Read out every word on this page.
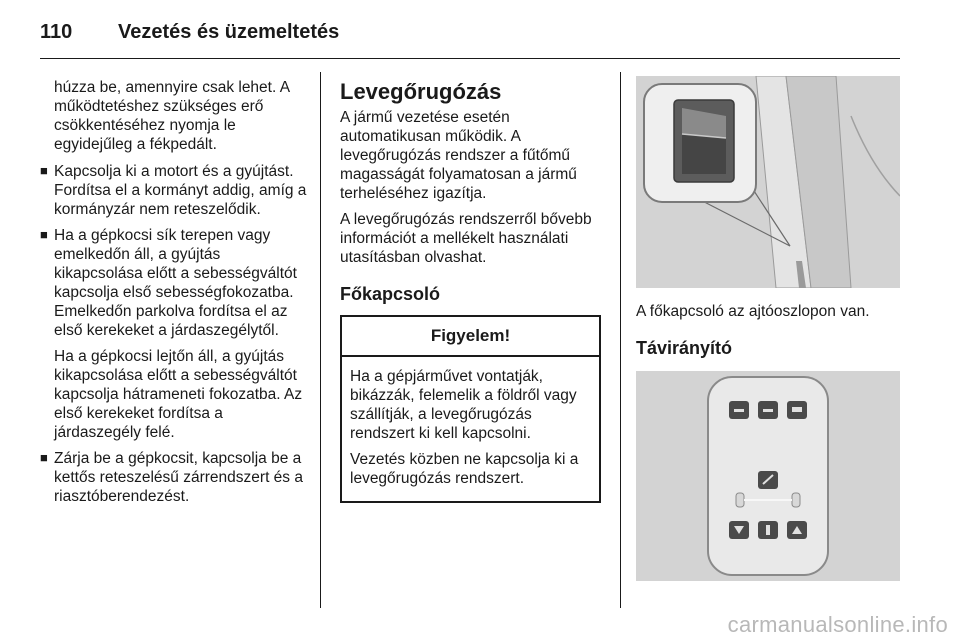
110 Vezetés és üzemeltetés

húzza be, amennyire csak lehet. A működtetéshez szükséges erő csökkentéséhez nyomja le egyidejűleg a fékpedált.

■ Kapcsolja ki a motort és a gyújtást. Fordítsa el a kormányt addig, amíg a kormányzár nem reteszelődik.

■ Ha a gépkocsi sík terepen vagy emelkedőn áll, a gyújtás kikapcsolása előtt a sebességváltót kapcsolja első sebességfokozatba. Emelkedőn parkolva fordítsa el az első kerekeket a járdaszegélytől.

Ha a gépkocsi lejtőn áll, a gyújtás kikapcsolása előtt a sebességváltót kapcsolja hátrameneti fokozatba. Az első kerekeket fordítsa a járdaszegély felé.

■ Zárja be a gépkocsit, kapcsolja be a kettős reteszelésű zárrendszert és a riasztóberendezést.

Levegőrugózás

A jármű vezetése esetén automatikusan működik. A levegőrugózás rendszer a fűtőmű magasságát folyamatosan a jármű terheléséhez igazítja.

A levegőrugózás rendszerről bővebb információt a mellékelt használati utasításban olvashat.

Főkapcsoló
Figyelem!

Ha a gépjárművet vontatják, bikázzák, felemelik a földről vagy szállítják, a levegőrugózás rendszert ki kell kapcsolni.

Vezetés közben ne kapcsolja ki a levegőrugózás rendszert.

A főkapcsoló az ajtóoszlopon van.

Távirányító
carmanualsonline.info
